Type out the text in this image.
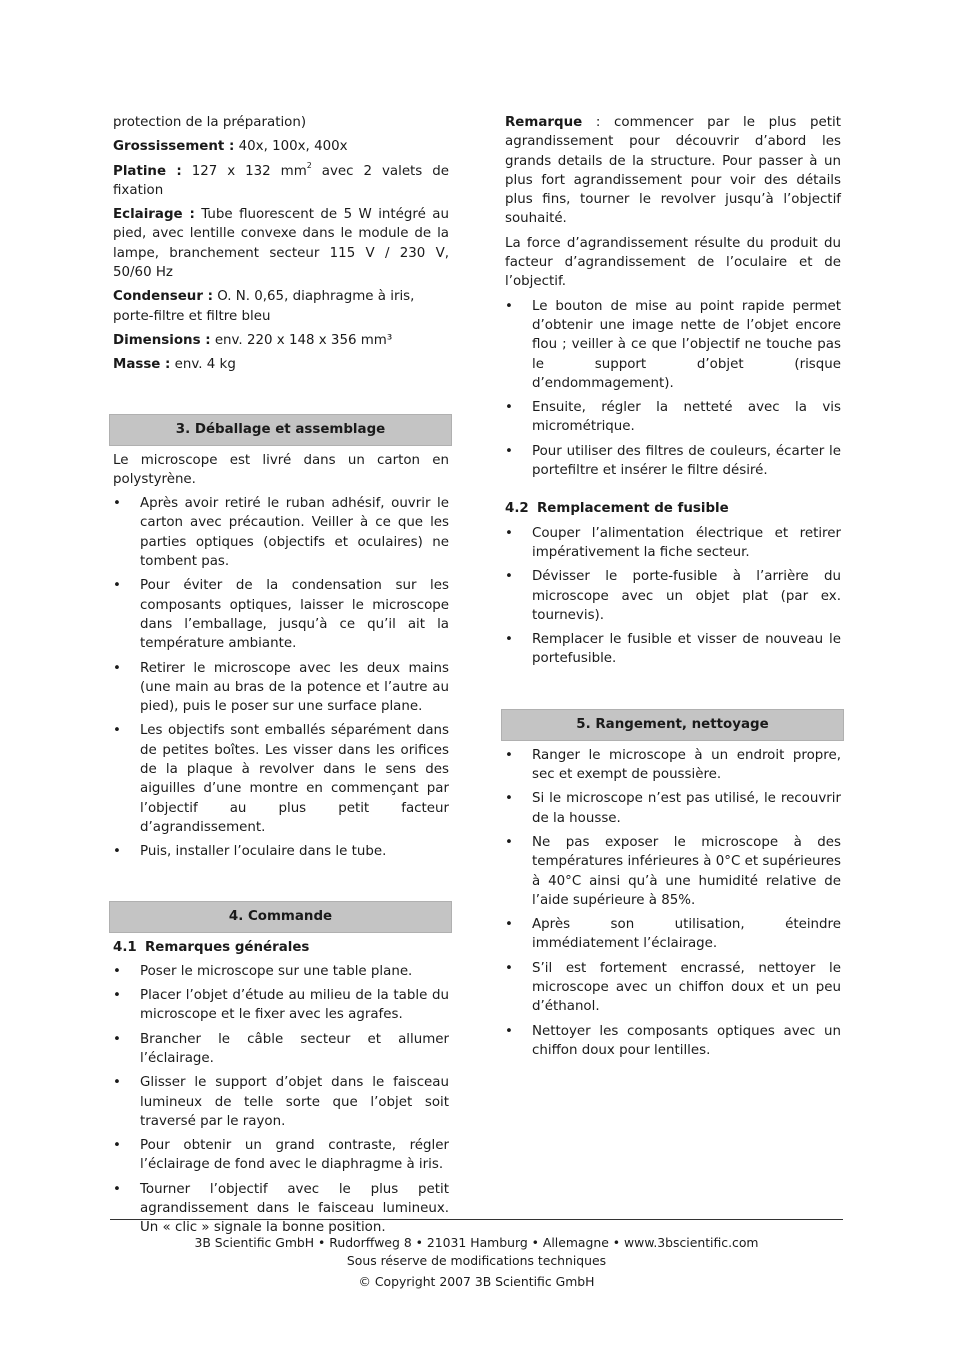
protection de la préparation)

Grossissement : 40x, 100x, 400x

Platine : 127 x 132 $mm^2$ avec 2 valets de fixation

Eclairage : Tube fluorescent de 5 W intégré au pied, avec lentille convexe dans le module de la lampe, branchement secteur 115 V / 230 V, 50/60 Hz

Condenseur : O. N. 0,65, diaphragme à iris, porte-filtre et filtre bleu

Dimensions : env. 220 x 148 x 356 mm³

Masse : env. 4 kg

3. Déballage et assemblage

Le microscope est livré dans un carton en polystyrène.

• Après avoir retiré le ruban adhésif, ouvrir le carton avec précaution. Veiller à ce que les parties optiques (objectifs et oculaires) ne tombent pas.
• Pour éviter de la condensation sur les composants optiques, laisser le microscope dans l’emballage, jusqu’à ce qu’il ait la température ambiante.
• Retirer le microscope avec les deux mains (une main au bras de la potence et l’autre au pied), puis le poser sur une surface plane.
• Les objectifs sont emballés séparément dans de petites boîtes. Les visser dans les orifices de la plaque à revolver dans le sens des aiguilles d’une montre en commençant par l’objectif au plus petit facteur d’agrandissement.
• Puis, installer l’oculaire dans le tube.
4. Commande
4.1 Remarques générales
• Poser le microscope sur une table plane.
• Placer l’objet d’étude au milieu de la table du microscope et le fixer avec les agrafes.
• Brancher le câble secteur et allumer l’éclairage.
• Glisser le support d’objet dans le faisceau lumineux de telle sorte que l’objet soit traversé par le rayon.
• Pour obtenir un grand contraste, régler l’éclairage de fond avec le diaphragme à iris.
• Tourner l’objectif avec le plus petit agrandissement dans le faisceau lumineux. Un « clic » signale la bonne position.

Remarque : commencer par le plus petit agrandissement pour découvrir d’abord les grands details de la structure. Pour passer à un plus fort agrandissement pour voir des détails plus fins, tourner le revolver jusqu’à l’objectif souhaité.

La force d’agrandissement résulte du produit du facteur d’agrandissement de l’oculaire et de l’objectif.

• Le bouton de mise au point rapide permet d’obtenir une image nette de l’objet encore flou ; veiller à ce que l’objectif ne touche pas le support d’objet (risque d’endommagement).
• Ensuite, régler la netteté avec la vis micrométrique.
• Pour utiliser des filtres de couleurs, écarter le portefiltre et insérer le filtre désiré.
4.2 Remplacement de fusible
• Couper l’alimentation électrique et retirer impérativement la fiche secteur.
• Dévisser le porte-fusible à l’arrière du microscope avec un objet plat (par ex. tournevis).
• Remplacer le fusible et visser de nouveau le portefusible.
5. Rangement, nettoyage
• Ranger le microscope à un endroit propre, sec et exempt de poussière.
• Si le microscope n’est pas utilisé, le recouvrir de la housse.
• Ne pas exposer le microscope à des températures inférieures à 0°C et supérieures à 40°C ainsi qu’à une humidité relative de l’aide supérieure à 85%.
• Après son utilisation, éteindre immédiatement l’éclairage.
• S’il est fortement encrassé, nettoyer le microscope avec un chiffon doux et un peu d’éthanol.
• Nettoyer les composants optiques avec un chiffon doux pour lentilles.
3B Scientific GmbH • Rudorffweg 8 • 21031 Hamburg • Allemagne • www.3bscientific.com
Sous réserve de modifications techniques
© Copyright 2007 3B Scientific GmbH
